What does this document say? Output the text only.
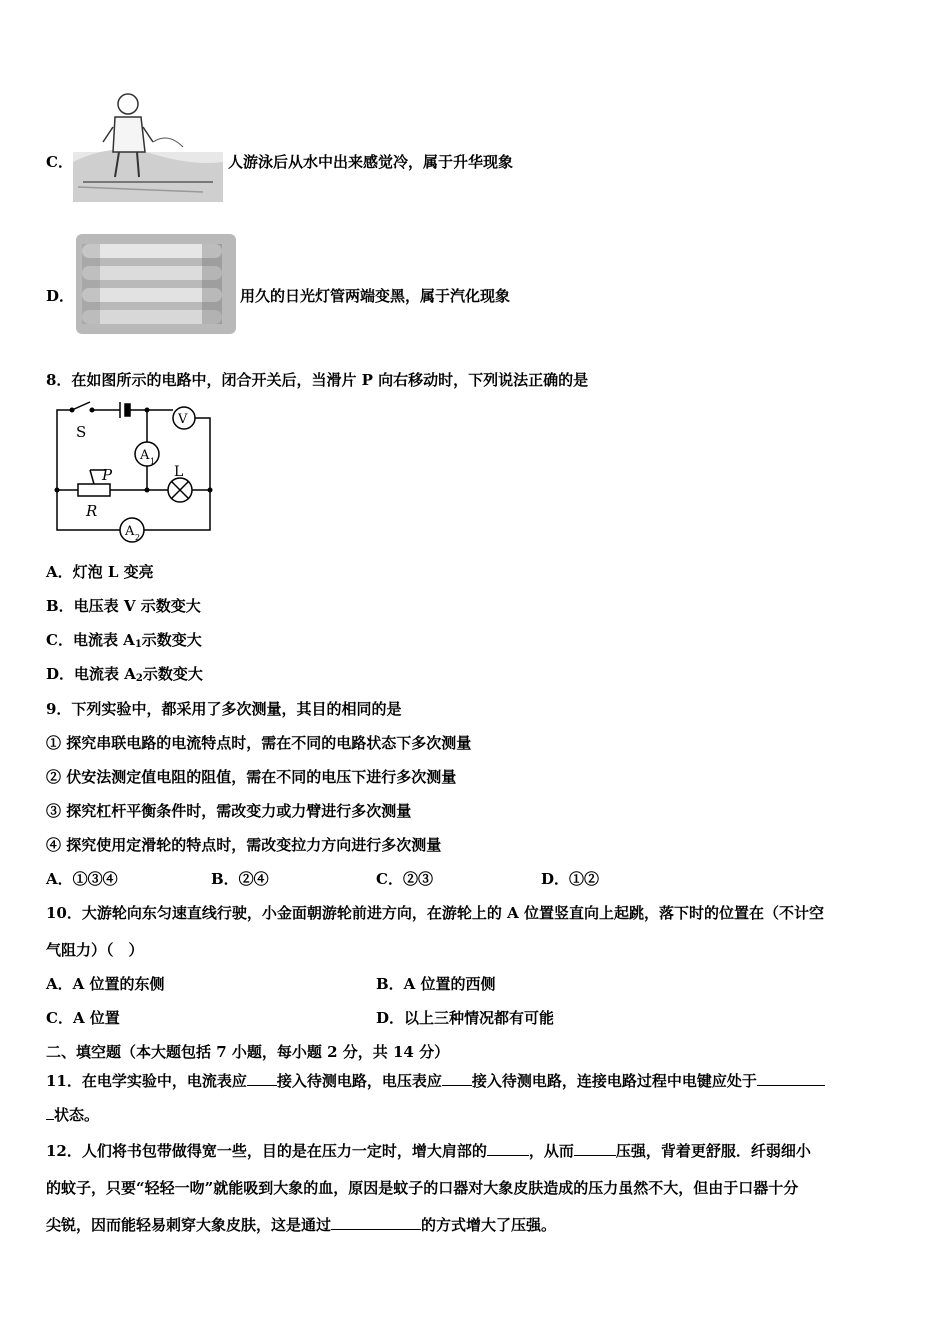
C．	人游泳后从水中出来感觉冷，属于升华现象
D．	用久的日光灯管两端变黑，属于汽化现象
8．在如图所示的电路中，闭合开关后，当滑片 P 向右移动时，下列说法正确的是
S
V
A 1
L
P
R
A 2
A．灯泡 L 变亮
B．电压表 V 示数变大
C．电流表 $A_1$示数变大
D．电流表 $A_2$示数变大
9．下列实验中，都采用了多次测量，其目的相同的是
① 探究串联电路的电流特点时，需在不同的电路状态下多次测量
② 伏安法测定值电阻的阻值，需在不同的电压下进行多次测量
③ 探究杠杆平衡条件时，需改变力或力臂进行多次测量
④ 探究使用定滑轮的特点时，需改变拉力方向进行多次测量
A．①③④	B．②④	C．②③	D．①②
10．大游轮向东匀速直线行驶，小金面朝游轮前进方向，在游轮上的 A 位置竖直向上起跳，落下时的位置在（不计空
气阻力）（　）
A．A 位置的东侧	B．A 位置的西侧
C．A 位置	D．以上三种情况都有可能
二、填空题（本大题包括 7 小题，每小题 2 分，共 14 分）
11．在电学实验中，电流表应 接入待测电路，电压表应 接入待测电路，连接电路过程中电键应处于
状态。
12．人们将书包带做得宽一些，目的是在压力一定时，增大肩部的	，从而	压强，背着更舒服．纤弱细小
的蚊子，只要“轻轻一吻”就能吸到大象的血，原因是蚊子的口器对大象皮肤造成的压力虽然不大，但由于口器十分
尖锐，因而能轻易刺穿大象皮肤，这是通过	的方式增大了压强。
